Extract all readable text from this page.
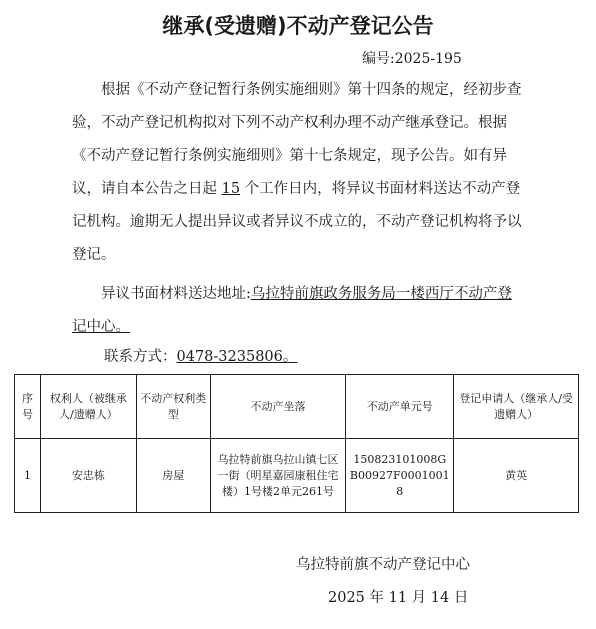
继承(受遗赠)不动产登记公告
编号:2025-195

根据《不动产登记暂行条例实施细则》第十四条的规定，经初步查验，不动产登记机构拟对下列不动产权利办理不动产继承登记。根据《不动产登记暂行条例实施细则》第十七条规定，现予公告。如有异议，请自本公告之日起 15 个工作日内，将异议书面材料送达不动产登记机构。逾期无人提出异议或者异议不成立的，不动产登记机构将予以登记。

异议书面材料送达地址:乌拉特前旗政务服务局一楼西厅不动产登记中心。

联系方式：0478-3235806。
序号	权利人（被继承人/遗赠人）	不动产权利类型	不动产坐落	不动产单元号	登记申请人（继承人/受遗赠人）
1	安忠栋	房屋	乌拉特前旗乌拉山镇七区一街（明星嘉园康租住宅楼）1号楼2单元261号	150823101008GB00927F00010018	黄英
乌拉特前旗不动产登记中心
2025 年 11 月 14 日
